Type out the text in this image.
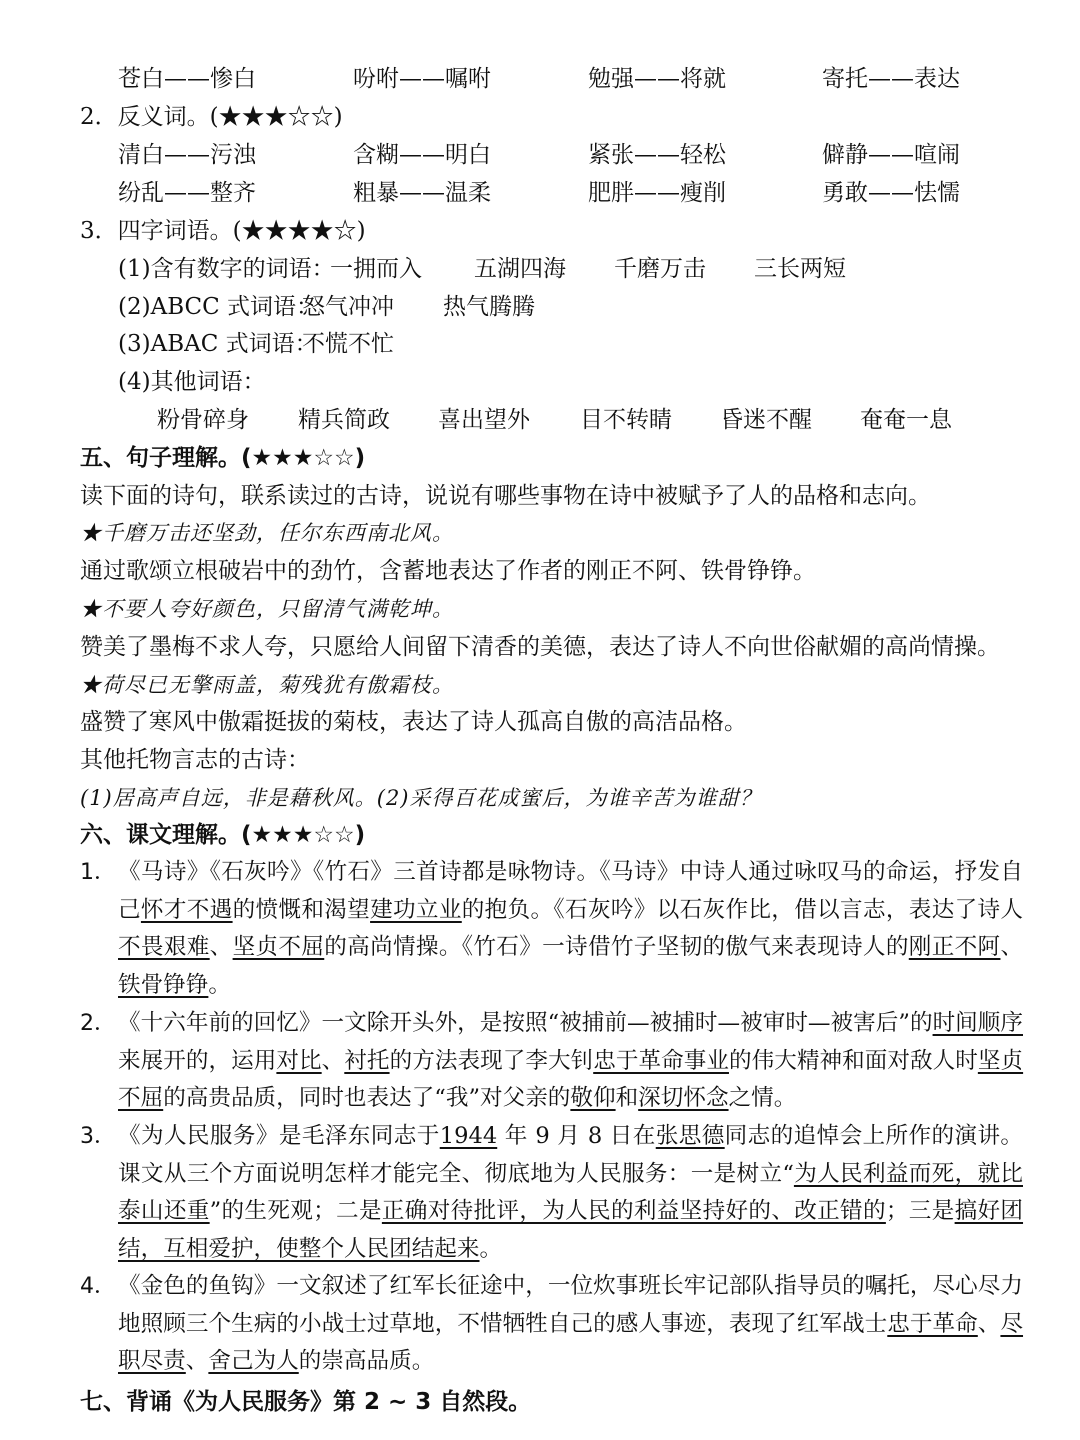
苍白——惨白	吩咐——嘱咐	勉强——将就	寄托——表达
2．反义词。(★★★☆☆)
清白——污浊	含糊——明白	紧张——轻松	僻静——喧闹
纷乱——整齐	粗暴——温柔	肥胖——瘦削	勇敢——怯懦
3．四字词语。(★★★★☆)
(1)含有数字的词语：
一拥而入 五湖四海 千磨万击 三长两短
(2)ABCC 式词语：
怒气冲冲 热气腾腾
(3)ABAC 式词语：
不慌不忙
(4)其他词语：
粉骨碎身 精兵简政 喜出望外 目不转睛 昏迷不醒 奄奄一息
五、句子理解。(★★★☆☆)
读下面的诗句，联系读过的古诗，说说有哪些事物在诗中被赋予了人的品格和志向。
★千磨万击还坚劲，任尔东西南北风。
通过歌颂立根破岩中的劲竹，含蓄地表达了作者的刚正不阿、铁骨铮铮。
★不要人夸好颜色，只留清气满乾坤。
赞美了墨梅不求人夸，只愿给人间留下清香的美德，表达了诗人不向世俗献媚的高尚情操。
★荷尽已无擎雨盖，菊残犹有傲霜枝。
盛赞了寒风中傲霜挺拔的菊枝，表达了诗人孤高自傲的高洁品格。
其他托物言志的古诗：
(1)居高声自远，非是藉秋风。(2)采得百花成蜜后，为谁辛苦为谁甜？
六、课文理解。(★★★☆☆)
1． 《马诗》《石灰吟》《竹石》三首诗都是咏物诗。《马诗》中诗人通过咏叹马的命运，抒发自己怀才不遇的愤慨和渴望建功立业的抱负。《石灰吟》以石灰作比，借以言志，表达了诗人不畏艰难、坚贞不屈的高尚情操。《竹石》一诗借竹子坚韧的傲气来表现诗人的刚正不阿、铁骨铮铮。
2． 《十六年前的回忆》一文除开头外，是按照“被捕前—被捕时—被审时—被害后”的时间顺序来展开的，运用对比、衬托的方法表现了李大钊忠于革命事业的伟大精神和面对敌人时坚贞不屈的高贵品质，同时也表达了“我”对父亲的敬仰和深切怀念之情。
3． 《为人民服务》是毛泽东同志于1944 年 9 月 8 日在张思德同志的追悼会上所作的演讲。课文从三个方面说明怎样才能完全、彻底地为人民服务：一是树立“为人民利益而死，就比泰山还重”的生死观；二是正确对待批评，为人民的利益坚持好的、改正错的；三是搞好团结，互相爱护，使整个人民团结起来。
4． 《金色的鱼钩》一文叙述了红军长征途中，一位炊事班长牢记部队指导员的嘱托，尽心尽力地照顾三个生病的小战士过草地，不惜牺牲自己的感人事迹，表现了红军战士忠于革命、尽职尽责、舍己为人的崇高品质。
七、背诵《为人民服务》第 2 ~ 3 自然段。
